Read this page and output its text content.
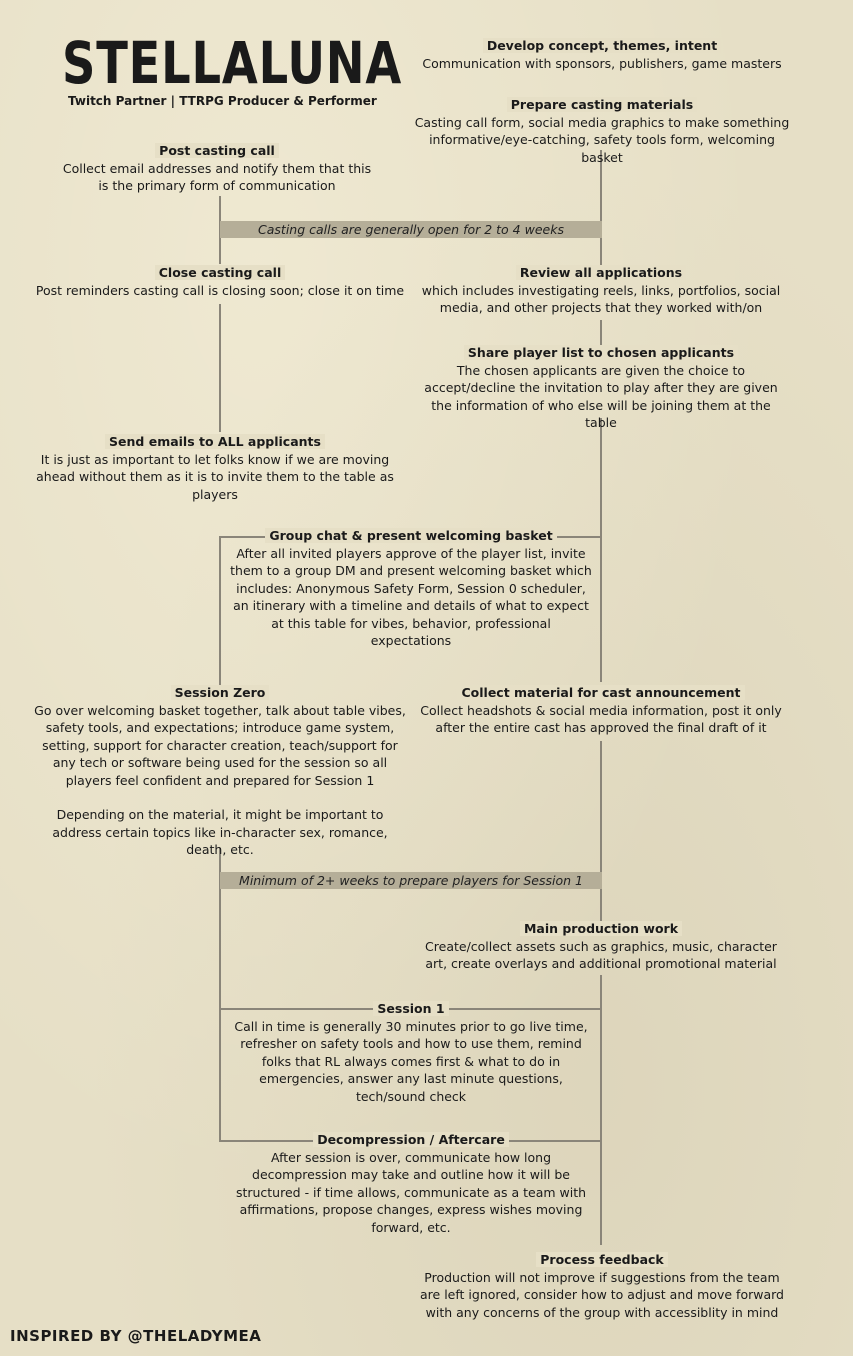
Casting calls are generally open for 2 to 4 weeks
Minimum of 2+ weeks to prepare players for Session 1
STELLALUNA
Twitch Partner | TTRPG Producer & Performer
Develop concept, themes, intent
Communication with sponsors, publishers, game masters
Prepare casting materials
Casting call form, social media graphics to make something informative/eye-catching, safety tools form, welcoming basket
Review all applications
which includes investigating reels, links, portfolios, social media, and other projects that they worked with/on
Share player list to chosen applicants
The chosen applicants are given the choice to accept/decline the invitation to play after they are given the information of who else will be joining them at the table
Collect material for cast announcement
Collect headshots & social media information, post it only after the entire cast has approved the final draft of it
Main production work
Create/collect assets such as graphics, music, character art, create overlays and additional promotional material
Process feedback
Production will not improve if suggestions from the team are left ignored, consider how to adjust and move forward with any concerns of the group with accessiblity in mind
Post casting call
Collect email addresses and notify them that this is the primary form of communication
Close casting call
Post reminders casting call is closing soon; close it on time
Send emails to ALL applicants
It is just as important to let folks know if we are moving ahead without them as it is to invite them to the table as players
Session Zero
Go over welcoming basket together, talk about table vibes, safety tools, and expectations; introduce game system, setting, support for character creation, teach/support for any tech or software being used for the session so all players feel confident and prepared for Session 1
Depending on the material, it might be important to address certain topics like in-character sex, romance, death, etc.
Group chat & present welcoming basket
After all invited players approve of the player list, invite them to a group DM and present welcoming basket which includes: Anonymous Safety Form, Session 0 scheduler, an itinerary with a timeline and details of what to expect at this table for vibes, behavior, professional expectations
Session 1
Call in time is generally 30 minutes prior to go live time, refresher on safety tools and how to use them, remind folks that RL always comes first & what to do in emergencies, answer any last minute questions, tech/sound check
Decompression / Aftercare
After session is over, communicate how long decompression may take and outline how it will be structured - if time allows, communicate as a team with affirmations, propose changes, express wishes moving forward, etc.
INSPIRED BY @THELADYMEA
